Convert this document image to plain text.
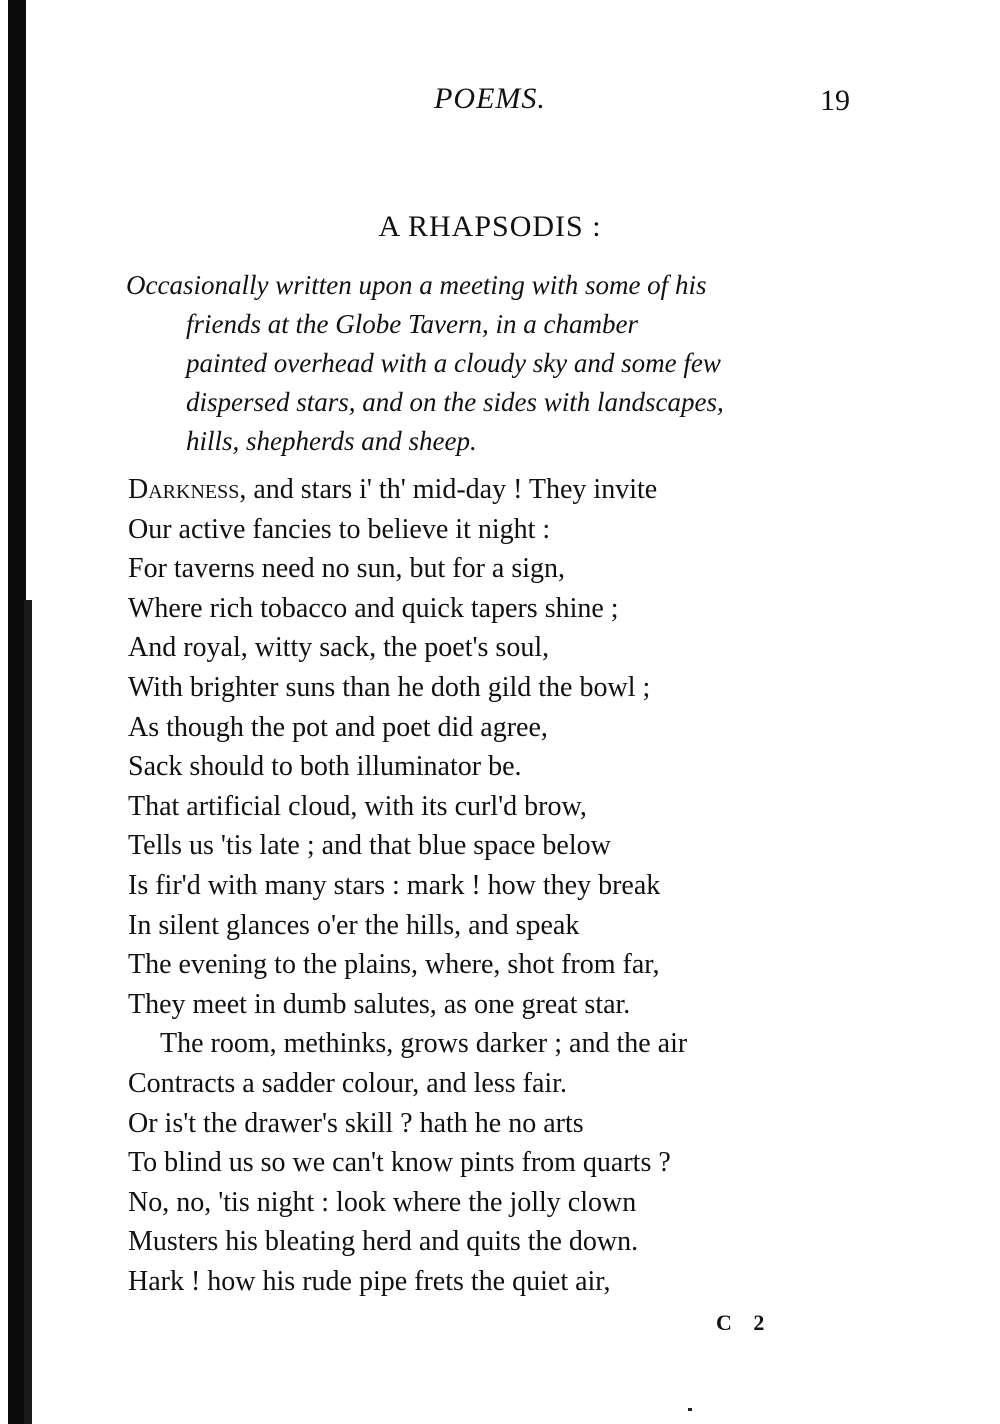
POEMS.	19
A RHAPSODIS :
Occasionally written upon a meeting with some of his
friends at the Globe Tavern, in a chamber
painted overhead with a cloudy sky and some few
dispersed stars, and on the sides with landscapes,
hills, shepherds and sheep.
Darkness, and stars i' th' mid-day ! They invite
Our active fancies to believe it night :
For taverns need no sun, but for a sign,
Where rich tobacco and quick tapers shine ;
And royal, witty sack, the poet's soul,
With brighter suns than he doth gild the bowl ;
As though the pot and poet did agree,
Sack should to both illuminator be.
That artificial cloud, with its curl'd brow,
Tells us 'tis late ; and that blue space below
Is fir'd with many stars : mark ! how they break
In silent glances o'er the hills, and speak
The evening to the plains, where, shot from far,
They meet in dumb salutes, as one great star.
The room, methinks, grows darker ; and the air
Contracts a sadder colour, and less fair.
Or is't the drawer's skill ? hath he no arts
To blind us so we can't know pints from quarts ?
No, no, 'tis night : look where the jolly clown
Musters his bleating herd and quits the down.
Hark ! how his rude pipe frets the quiet air,
C 2
